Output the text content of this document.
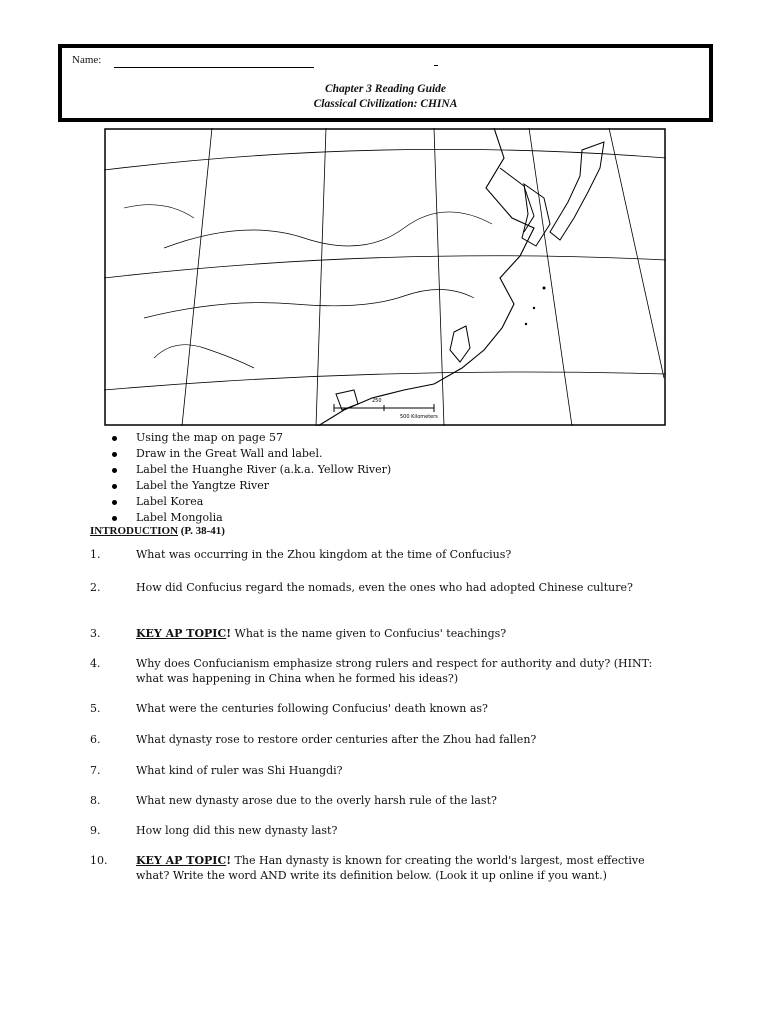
Name:
Chapter 3 Reading Guide
Classical Civilization: CHINA
250
500 Kilometers
Using the map on page 57
Draw in the Great Wall and label.
Label the Huanghe River (a.k.a. Yellow River)
Label the Yangtze River
Label Korea
Label Mongolia
INTRODUCTION (P. 38-41)
1.	What was occurring in the Zhou kingdom at the time of Confucius?
2.	How did Confucius regard the nomads, even the ones who had adopted Chinese culture?
3.	KEY AP TOPIC! What is the name given to Confucius' teachings?
4.	Why does Confucianism emphasize strong rulers and respect for authority and duty? (HINT: what was happening in China when he formed his ideas?)
5.	What were the centuries following Confucius' death known as?
6.	What dynasty rose to restore order centuries after the Zhou had fallen?
7.	What kind of ruler was Shi Huangdi?
8.	What new dynasty arose due to the overly harsh rule of the last?
9.	How long did this new dynasty last?
10.	KEY AP TOPIC! The Han dynasty is known for creating the world's largest, most effective what? Write the word AND write its definition below. (Look it up online if you want.)
